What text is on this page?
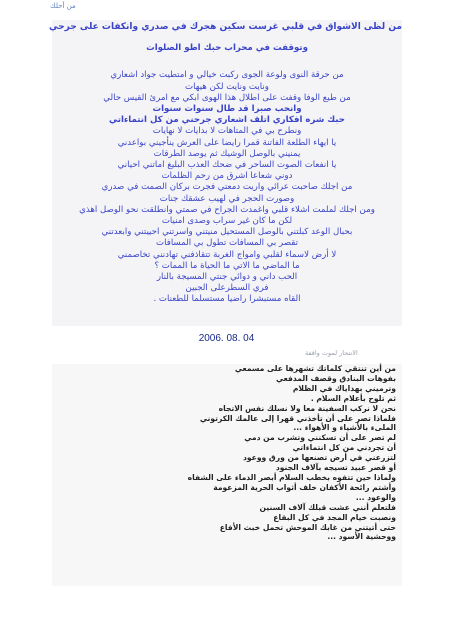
من أحلك
من لظى الاشواق في قلبي غرست سكين هجرك في صدري وانكفات على جرحي
وتوقفت في محراب حبك اطو الصلوات
من حرقة النوى ولوعة الجوى ركبت خيالي و امتطيت جواد اشعاري
ونايت ونايت لكن هيهات
من طيع الوفا وقفت على اطلال هذا الهوى ابكي مع امرئ القيس حالي
وانحب صبرا قد طال سنوات سنوات
حبك شره افكاري اتلف اشعاري جرحني من كل انتماءاتي
ونطرح بي في المتاهات لا بدايات لا نهايات
يا ايهاء الطلعة الفاتنة قمرا رايضا على العرش ينأجيني بواعدني
يمنيني بالوصل الوشيك ثم يوصد الطرقات
يا انفعات الصوت الساحر في ضحك العذب البليغ اماتني احياني
دوني شعاعا اشرق من رحم الظلمات
من اجلك صاحبت عرائي واريت دمعتي فجرت بركان الصمت في صدري
وصورت الحجر في لهيب عشقك جنات
ومن اجلك لملمت اشلاء قلبي واغمدت الجراح في صمتي وانطلقت نحو الوصل اهذي
لكن ما كان غير سراب وصدى امنيات
بحبال الوعد كبلتني بالوصل المستحيل منيتني واسرتني احييتني وابعدتني
تقصر بي المسافات تطول بي المسافات
لا أرض لاسماء لقلبي وامواج الغربة تتقاذفني تهادنني تخاصمني
ما الماضي ما الاتي ما الحياة ما الممات ؟
الحب داني و دوائي جنتي المسيجة بالنار
فري السطرعلى الجبين
القاه مستبشرا راضيا مستسلما للطعنات .
2006. 08. 04
الانتحار لموت واقفة
من أين تنتقي كلماتك تشهرها على مسمعي
بفوهات البنادق وقصف المدفعي
وترميني بهداياك في الظلام
ثم تلوح بأعلام السلام .
نحن لا نركب السفينة معا ولا نسلك نفس الاتجاه
فلماذا تصر على أن تأخذني قهرا إلى عالمك الكرتوني
الملىء بالأشياء و الأهواء ...
لم تصر على أن تسكنني وتشرب من دمي
أن تجردني من كل انتماءاتي
لتزرعني في أرض تصنعها من ورق ووعود
أو قصر عبيد تسيجه بآلاف الجنود
ولماذا حين تتفوه بخطب السلام أبصر الدماء على الشفاه
وأشتم رائحة الأكفان خلف أثواب الحرية المزعومة
والوعود ...
فلتعلم أنني عشت قبلك آلاف السنين
ونصبت خيام المجد في كل البقاع
حتى أتيتني من غابك الموحش تحمل خبث الأفاع
ووحشية الأسود ...
